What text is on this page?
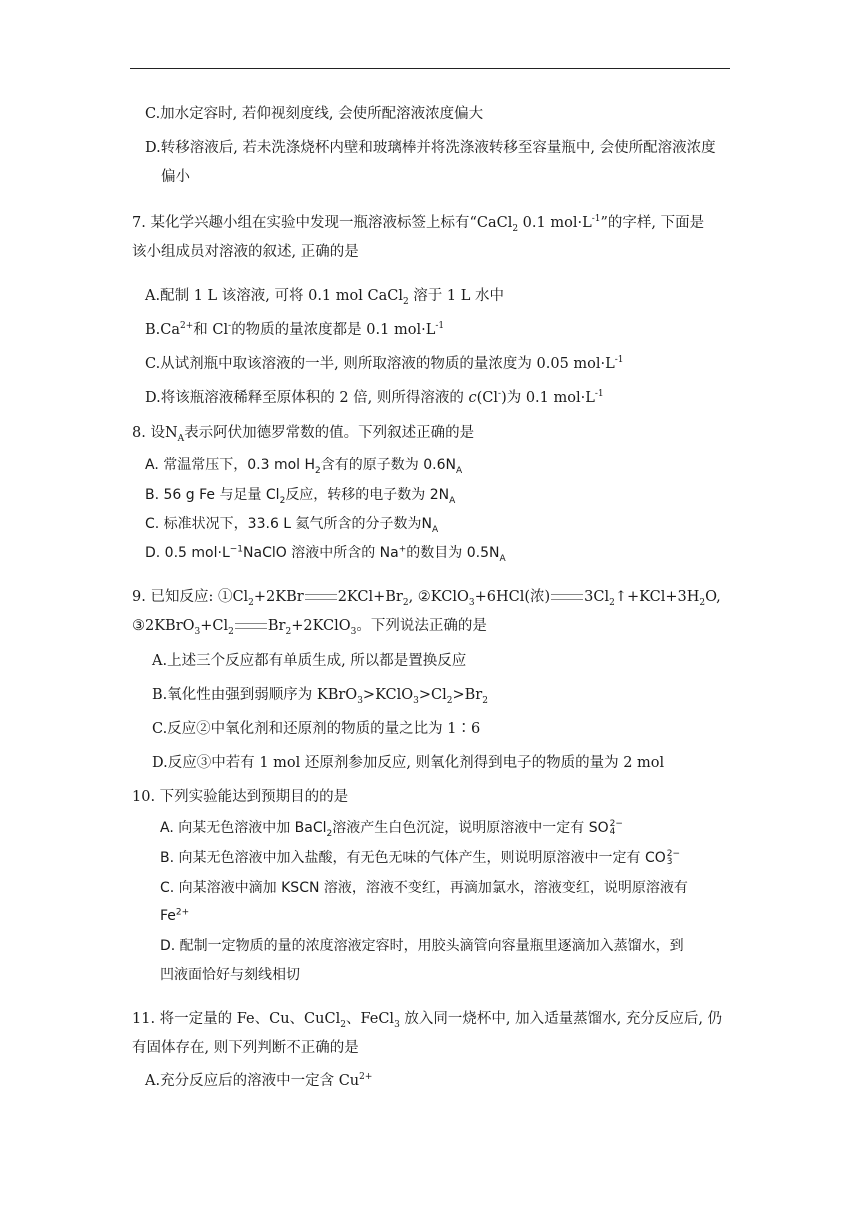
C.加水定容时, 若仰视刻度线, 会使所配溶液浓度偏大
D.转移溶液后, 若未洗涤烧杯内壁和玻璃棒并将洗涤液转移至容量瓶中, 会使所配溶液浓度
偏小
7. 某化学兴趣小组在实验中发现一瓶溶液标签上标有“CaCl$_2$ 0.1 $mol\cdot L^{-1}$”的字样, 下面是
该小组成员对溶液的叙述, 正确的是
A.配制 1 L 该溶液, 可将 0.1 mol CaCl$_2$ 溶于 1 L 水中
$B.Ca^{2+}$和 Cl-的物质的量浓度都是 0.1 $mol\cdot L^{-1}$
C.从试剂瓶中取该溶液的一半, 则所取溶液的物质的量浓度为 0.05 $mol\cdot L^{-1}$
D.将该瓶溶液稀释至原体积的 2 倍, 则所得溶液的 c(Cl-)为 0.1 $mol\cdot L^{-1}$
8. 设$N_A$表示阿伏加德罗常数的值。下列叙述正确的是
A. 常温常压下，0.3 mol $H_2$含有的原子数为 $0.6N_A$
B. 56 g Fe 与足量 $Cl_2$反应，转移的电子数为 $2N_A$
C. 标准状况下，33.6 L 氦气所含的分子数为$N_A$
D. 0.5 $mol\cdot L^{-1}NaClO$ 溶液中所含的 Na+的数目为 $0.5N_A$
9. 已知反应: $①Cl_2+2KBr$ $2KCl+Br_2$, ②KClO$_3$+6HCl(浓) $3Cl_2↑+KCl+3H_2O$,
$③2KBrO_3+Cl_2$ $Br_2+2KClO_3$。下列说法正确的是
A.上述三个反应都有单质生成, 所以都是置换反应
B.氧化性由强到弱顺序为 $KBrO_3>KClO_3>Cl_2>Br_2$
C.反应②中氧化剂和还原剂的物质的量之比为 1∶6
D.反应③中若有 1 mol 还原剂参加反应, 则氧化剂得到电子的物质的量为 2 mol
10. 下列实验能达到预期目的的是
A. 向某无色溶液中加 BaCl$_2$溶液产生白色沉淀，说明原溶液中一定有 SO 2−
4
B. 向某无色溶液中加入盐酸，有无色无味的气体产生，则说明原溶液中一定有 CO 2−
3
C. 向某溶液中滴加 KSCN 溶液，溶液不变红，再滴加氯水，溶液变红，说明原溶液有
$Fe^{2+}$
D. 配制一定物质的量的浓度溶液定容时，用胶头滴管向容量瓶里逐滴加入蒸馏水，到
凹液面恰好与刻线相切
11. 将一定量的 Fe、Cu、CuCl$_2$、FeCl$_3$ 放入同一烧杯中, 加入适量蒸馏水, 充分反应后, 仍
有固体存在, 则下列判断不正确的是
A.充分反应后的溶液中一定含 $Cu^{2+}$
